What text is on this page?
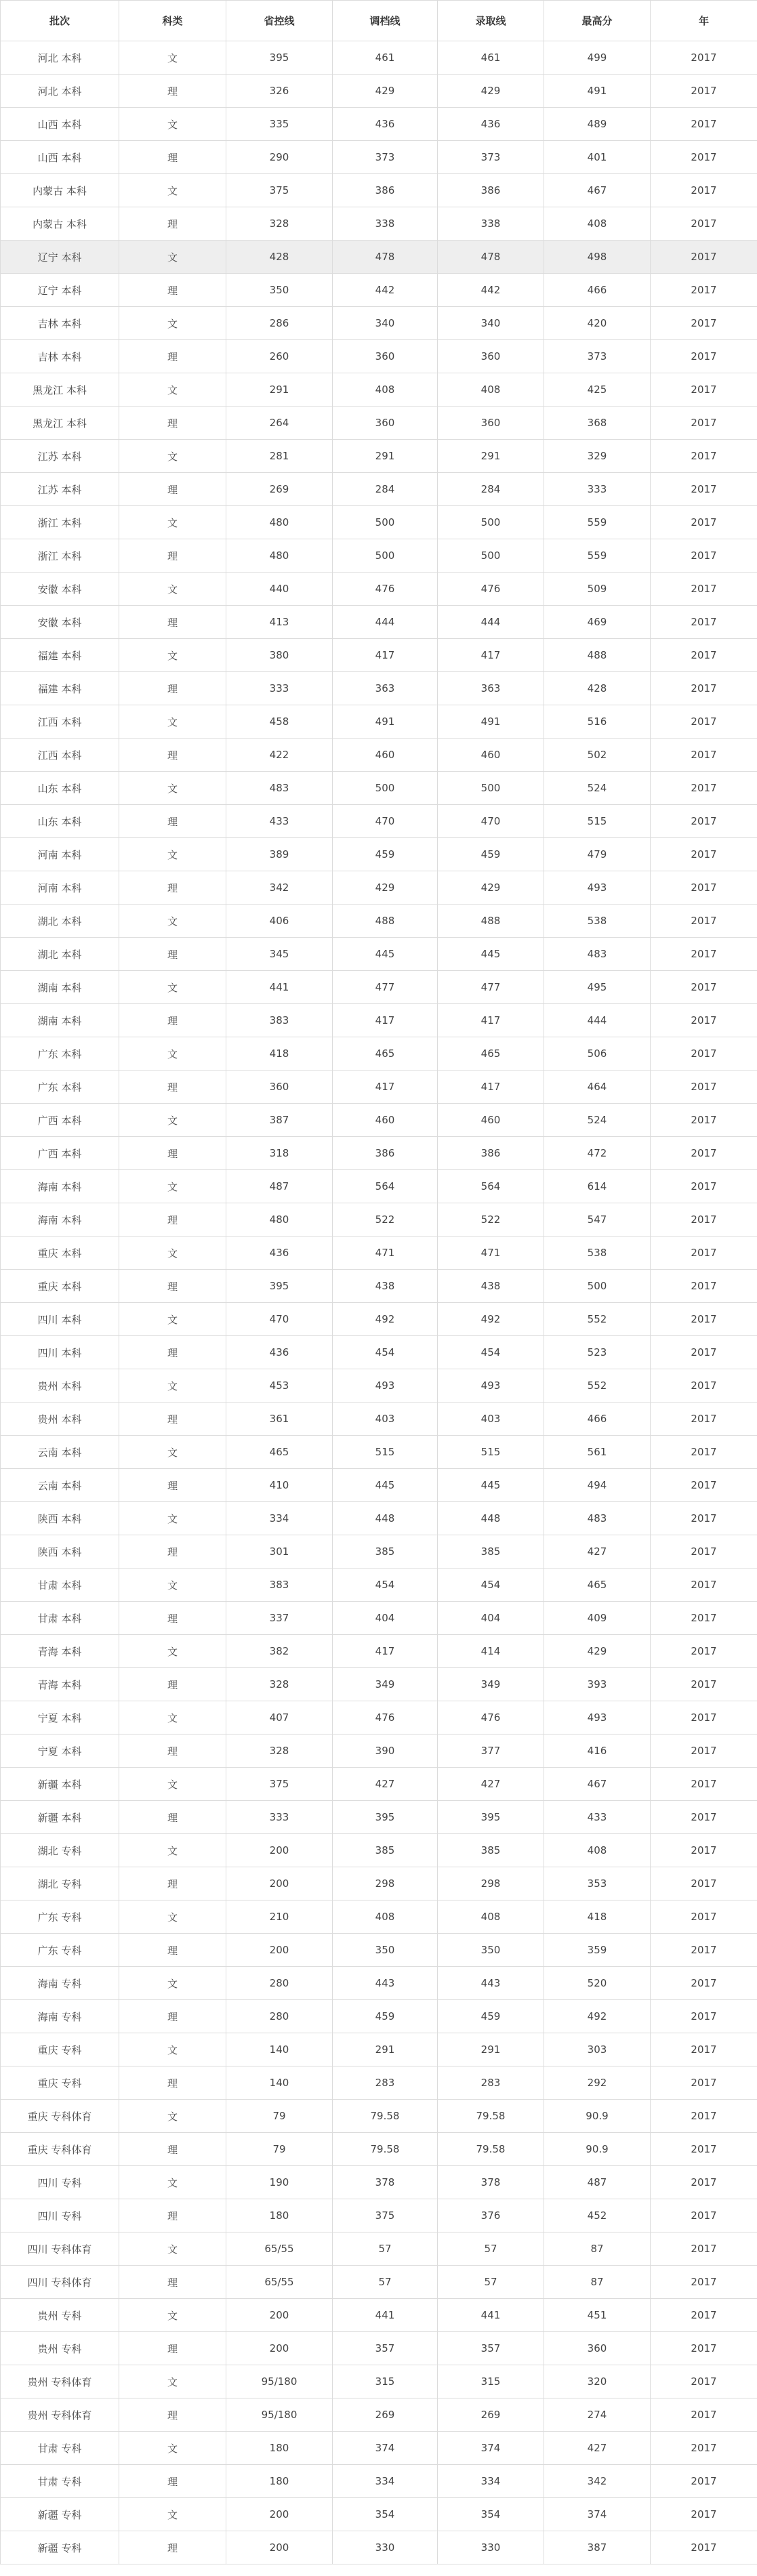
批次	科类	省控线	调档线	录取线	最高分	年
河北 本科	文	395	461	461	499	2017
河北 本科	理	326	429	429	491	2017
山西 本科	文	335	436	436	489	2017
山西 本科	理	290	373	373	401	2017
内蒙古 本科	文	375	386	386	467	2017
内蒙古 本科	理	328	338	338	408	2017
辽宁 本科	文	428	478	478	498	2017
辽宁 本科	理	350	442	442	466	2017
吉林 本科	文	286	340	340	420	2017
吉林 本科	理	260	360	360	373	2017
黑龙江 本科	文	291	408	408	425	2017
黑龙江 本科	理	264	360	360	368	2017
江苏 本科	文	281	291	291	329	2017
江苏 本科	理	269	284	284	333	2017
浙江 本科	文	480	500	500	559	2017
浙江 本科	理	480	500	500	559	2017
安徽 本科	文	440	476	476	509	2017
安徽 本科	理	413	444	444	469	2017
福建 本科	文	380	417	417	488	2017
福建 本科	理	333	363	363	428	2017
江西 本科	文	458	491	491	516	2017
江西 本科	理	422	460	460	502	2017
山东 本科	文	483	500	500	524	2017
山东 本科	理	433	470	470	515	2017
河南 本科	文	389	459	459	479	2017
河南 本科	理	342	429	429	493	2017
湖北 本科	文	406	488	488	538	2017
湖北 本科	理	345	445	445	483	2017
湖南 本科	文	441	477	477	495	2017
湖南 本科	理	383	417	417	444	2017
广东 本科	文	418	465	465	506	2017
广东 本科	理	360	417	417	464	2017
广西 本科	文	387	460	460	524	2017
广西 本科	理	318	386	386	472	2017
海南 本科	文	487	564	564	614	2017
海南 本科	理	480	522	522	547	2017
重庆 本科	文	436	471	471	538	2017
重庆 本科	理	395	438	438	500	2017
四川 本科	文	470	492	492	552	2017
四川 本科	理	436	454	454	523	2017
贵州 本科	文	453	493	493	552	2017
贵州 本科	理	361	403	403	466	2017
云南 本科	文	465	515	515	561	2017
云南 本科	理	410	445	445	494	2017
陕西 本科	文	334	448	448	483	2017
陕西 本科	理	301	385	385	427	2017
甘肃 本科	文	383	454	454	465	2017
甘肃 本科	理	337	404	404	409	2017
青海 本科	文	382	417	414	429	2017
青海 本科	理	328	349	349	393	2017
宁夏 本科	文	407	476	476	493	2017
宁夏 本科	理	328	390	377	416	2017
新疆 本科	文	375	427	427	467	2017
新疆 本科	理	333	395	395	433	2017
湖北 专科	文	200	385	385	408	2017
湖北 专科	理	200	298	298	353	2017
广东 专科	文	210	408	408	418	2017
广东 专科	理	200	350	350	359	2017
海南 专科	文	280	443	443	520	2017
海南 专科	理	280	459	459	492	2017
重庆 专科	文	140	291	291	303	2017
重庆 专科	理	140	283	283	292	2017
重庆 专科体育	文	79	79.58	79.58	90.9	2017
重庆 专科体育	理	79	79.58	79.58	90.9	2017
四川 专科	文	190	378	378	487	2017
四川 专科	理	180	375	376	452	2017
四川 专科体育	文	65/55	57	57	87	2017
四川 专科体育	理	65/55	57	57	87	2017
贵州 专科	文	200	441	441	451	2017
贵州 专科	理	200	357	357	360	2017
贵州 专科体育	文	95/180	315	315	320	2017
贵州 专科体育	理	95/180	269	269	274	2017
甘肃 专科	文	180	374	374	427	2017
甘肃 专科	理	180	334	334	342	2017
新疆 专科	文	200	354	354	374	2017
新疆 专科	理	200	330	330	387	2017
